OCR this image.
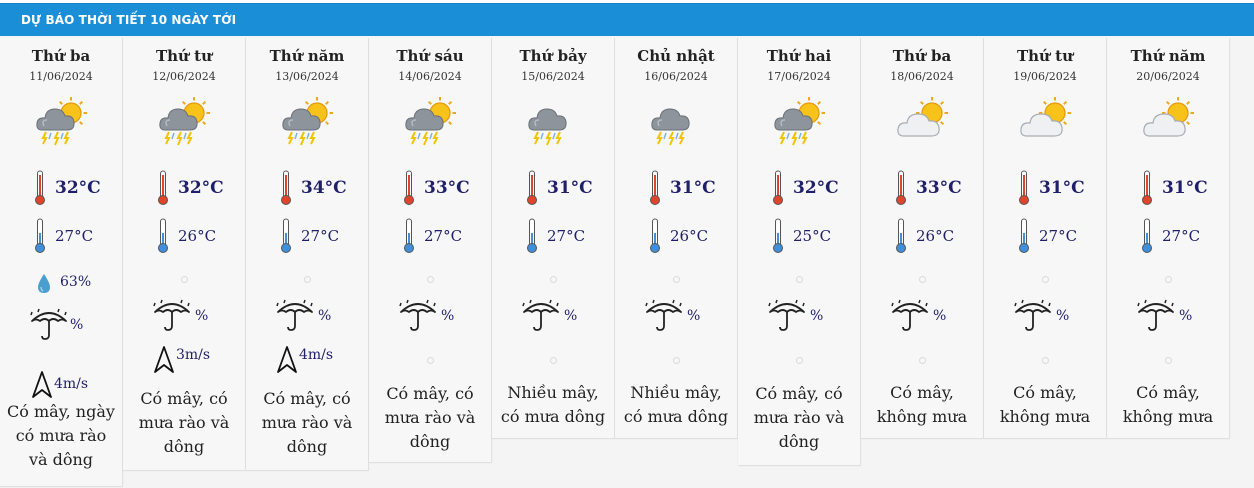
DỰ BÁO THỜI TIẾT 10 NGÀY TỚI
Thứ ba
11/06/2024
32°C
27°C
63%
%
4m/s
Có mây, ngày có mưa rào và dông
Thứ tư
12/06/2024
32°C
26°C
%
3m/s
Có mây, có mưa rào và dông
Thứ năm
13/06/2024
34°C
27°C
%
4m/s
Có mây, có mưa rào và dông
Thứ sáu
14/06/2024
33°C
27°C
%
Có mây, có mưa rào và dông
Thứ bảy
15/06/2024
31°C
27°C
%
Nhiều mây, có mưa dông
Chủ nhật
16/06/2024
31°C
26°C
%
Nhiều mây, có mưa dông
Thứ hai
17/06/2024
32°C
25°C
%
Có mây, có mưa rào và dông
Thứ ba
18/06/2024
33°C
26°C
%
Có mây, không mưa
Thứ tư
19/06/2024
31°C
27°C
%
Có mây, không mưa
Thứ năm
20/06/2024
31°C
27°C
%
Có mây, không mưa
